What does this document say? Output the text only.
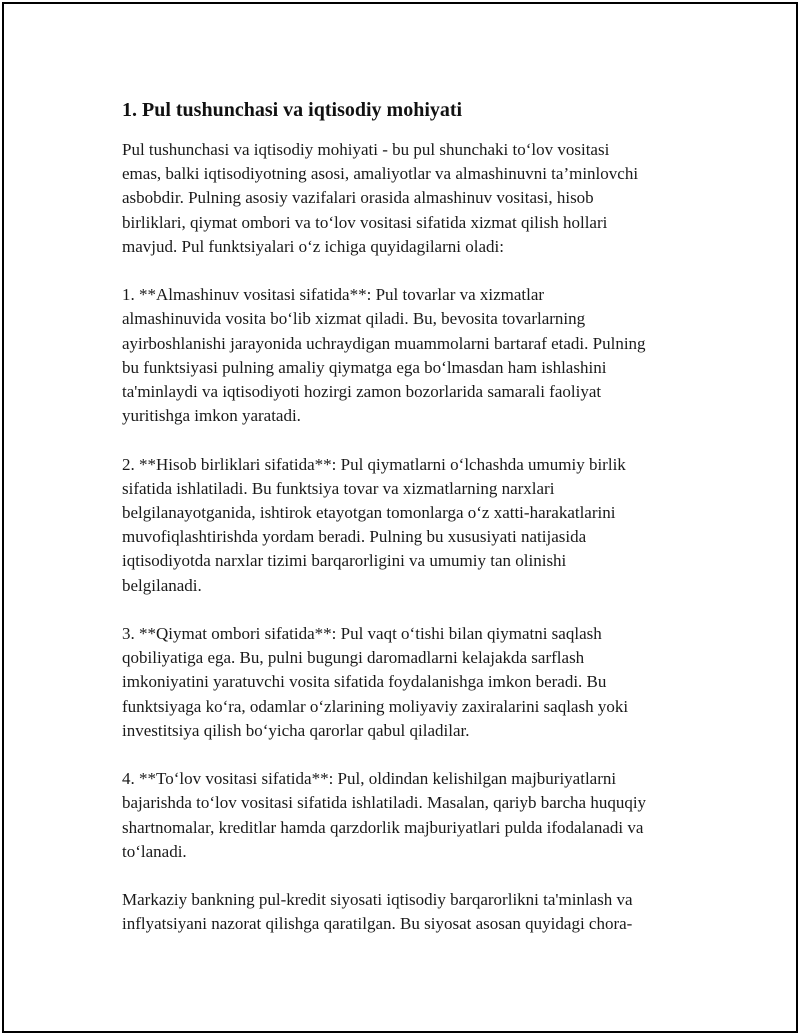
1. Pul tushunchasi va iqtisodiy mohiyati

Pul tushunchasi va iqtisodiy mohiyati - bu pul shunchaki to‘lov vositasi
emas, balki iqtisodiyotning asosi, amaliyotlar va almashinuvni ta’minlovchi
asbobdir. Pulning asosiy vazifalari orasida almashinuv vositasi, hisob
birliklari, qiymat ombori va to‘lov vositasi sifatida xizmat qilish hollari
mavjud. Pul funktsiyalari o‘z ichiga quyidagilarni oladi:

1. **Almashinuv vositasi sifatida**: Pul tovarlar va xizmatlar
almashinuvida vosita bo‘lib xizmat qiladi. Bu, bevosita tovarlarning
ayirboshlanishi jarayonida uchraydigan muammolarni bartaraf etadi. Pulning
bu funktsiyasi pulning amaliy qiymatga ega bo‘lmasdan ham ishlashini
ta'minlaydi va iqtisodiyoti hozirgi zamon bozorlarida samarali faoliyat
yuritishga imkon yaratadi.

2. **Hisob birliklari sifatida**: Pul qiymatlarni o‘lchashda umumiy birlik
sifatida ishlatiladi. Bu funktsiya tovar va xizmatlarning narxlari
belgilanayotganida, ishtirok etayotgan tomonlarga o‘z xatti-harakatlarini
muvofiqlashtirishda yordam beradi. Pulning bu xususiyati natijasida
iqtisodiyotda narxlar tizimi barqarorligini va umumiy tan olinishi
belgilanadi.

3. **Qiymat ombori sifatida**: Pul vaqt o‘tishi bilan qiymatni saqlash
qobiliyatiga ega. Bu, pulni bugungi daromadlarni kelajakda sarflash
imkoniyatini yaratuvchi vosita sifatida foydalanishga imkon beradi. Bu
funktsiyaga ko‘ra, odamlar o‘zlarining moliyaviy zaxiralarini saqlash yoki
investitsiya qilish bo‘yicha qarorlar qabul qiladilar.

4. **To‘lov vositasi sifatida**: Pul, oldindan kelishilgan majburiyatlarni
bajarishda to‘lov vositasi sifatida ishlatiladi. Masalan, qariyb barcha huquqiy
shartnomalar, kreditlar hamda qarzdorlik majburiyatlari pulda ifodalanadi va
to‘lanadi.

Markaziy bankning pul-kredit siyosati iqtisodiy barqarorlikni ta'minlash va
inflyatsiyani nazorat qilishga qaratilgan. Bu siyosat asosan quyidagi chora-
